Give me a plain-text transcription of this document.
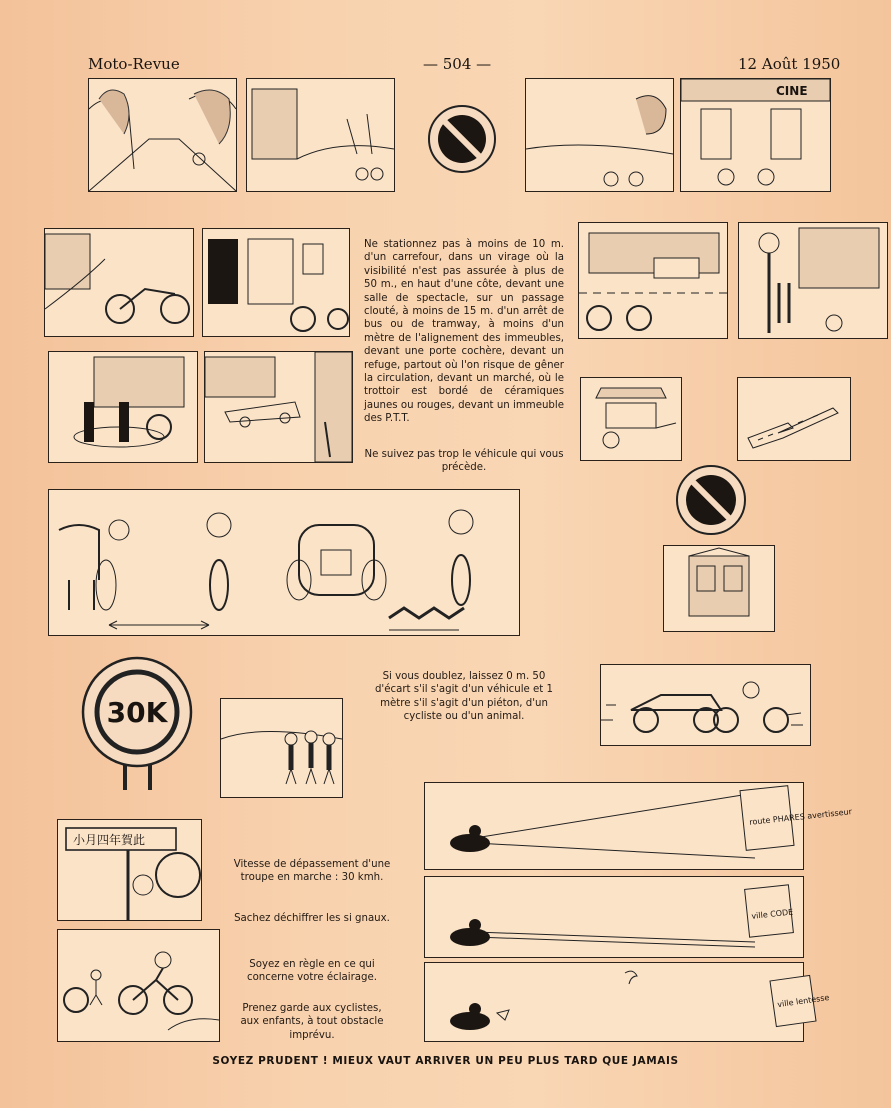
Moto-Revue	— 504 —	12 Août 1950
CINE
Ne stationnez pas à moins de 10 m. d'un carrefour, dans un virage où la visibilité n'est pas assurée à plus de 50 m., en haut d'une côte, devant une salle de spectacle, sur un passage clouté, à moins de 15 m. d'un arrêt de bus ou de tramway, à moins d'un mètre de l'alignement des immeubles, devant une porte cochère, devant un refuge, partout où l'on risque de gêner la circulation, devant un marché, où le trottoir est bordé de céramiques jaunes ou rouges, devant un immeuble des P.T.T.
Ne suivez pas trop le véhicule qui vous précède.
30K
Si vous doublez, laissez 0 m. 50 d'écart s'il s'agit d'un véhicule et 1 mètre s'il s'agit d'un piéton, d'un cycliste ou d'un animal.
小月四年賀此
Vitesse de dépassement d'une troupe en marche : 30 kmh.
Sachez déchiffrer les si gnaux.
Soyez en règle en ce qui concerne votre éclairage.
Prenez garde aux cyclistes, aux enfants, à tout obstacle imprévu.
route PHARES avertisseur
ville CODE
ville lentesse
SOYEZ PRUDENT ! MIEUX VAUT ARRIVER UN PEU PLUS TARD QUE JAMAIS
